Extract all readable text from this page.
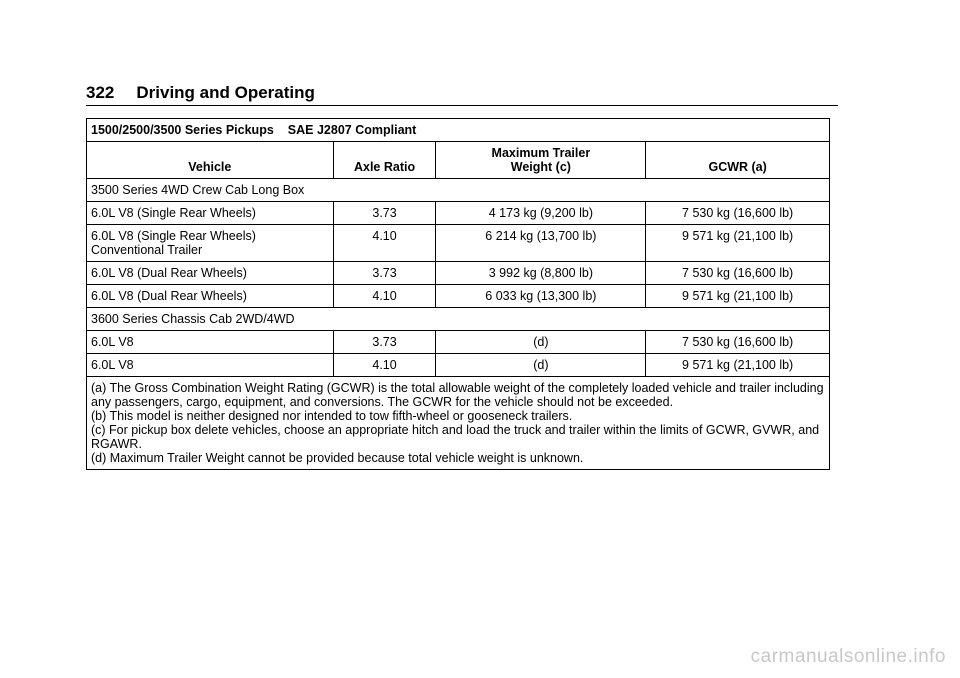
322 Driving and Operating
1500/2500/3500 Series Pickups SAE J2807 Compliant			
Vehicle	Axle Ratio	Maximum Trailer Weight (c)	GCWR (a)
3500 Series 4WD Crew Cab Long Box			

6.0L V8 (Single Rear Wheels)	3.73	4 173 kg (9,200 lb)	7 530 kg (16,600 lb)

6.0L V8 (Single Rear Wheels)
Conventional Trailer	4.10	6 214 kg (13,700 lb)	9 571 kg (21,100 lb)

6.0L V8 (Dual Rear Wheels)	3.73	3 992 kg (8,800 lb)	7 530 kg (16,600 lb)

6.0L V8 (Dual Rear Wheels)	4.10	6 033 kg (13,300 lb)	9 571 kg (21,100 lb)
3600 Series Chassis Cab 2WD/4WD			

6.0L V8	3.73	(d)	7 530 kg (16,600 lb)

6.0L V8	4.10	(d)	9 571 kg (21,100 lb)

(a) The Gross Combination Weight Rating (GCWR) is the total allowable weight of the completely loaded vehicle and trailer including any passengers, cargo, equipment, and conversions. The GCWR for the vehicle should not be exceeded.
(b) This model is neither designed nor intended to tow fifth-wheel or gooseneck trailers.
(c) For pickup box delete vehicles, choose an appropriate hitch and load the truck and trailer within the limits of GCWR, GVWR, and RGAWR.
(d) Maximum Trailer Weight cannot be provided because total vehicle weight is unknown.			
carmanualsonline.info
